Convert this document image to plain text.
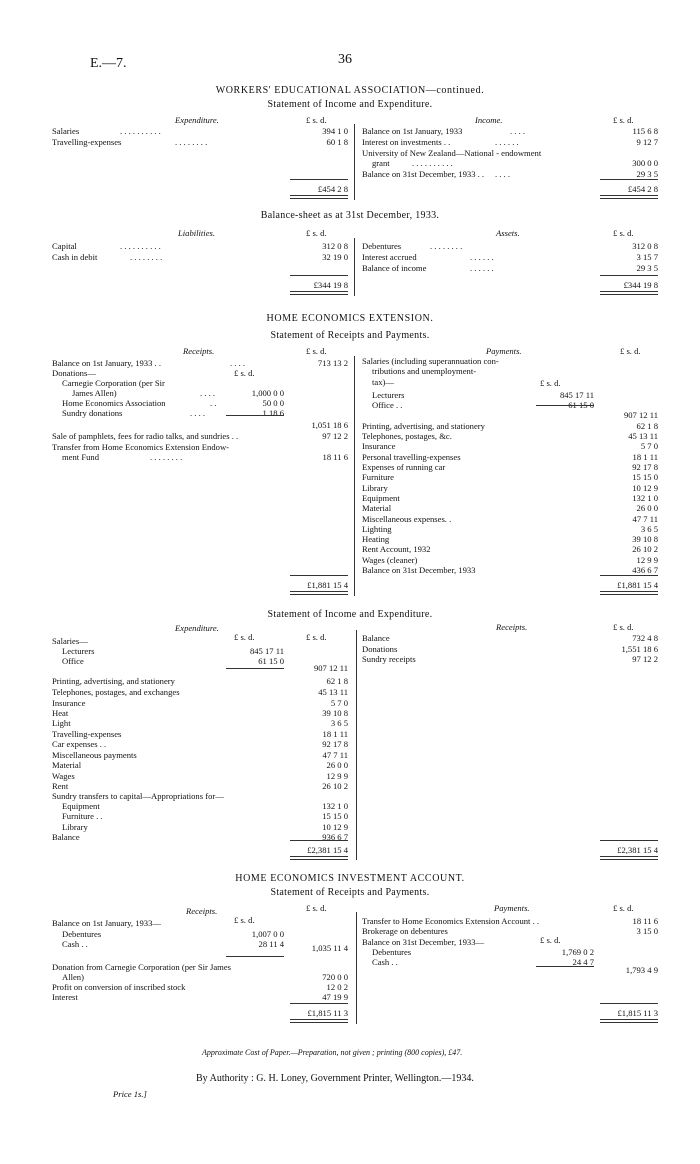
E.—7.	36
WORKERS' EDUCATIONAL ASSOCIATION—continued.
Statement of Income and Expenditure.
Expenditure.	£ s. d.	Income.	£ s. d.
Salaries	. . . . . . . . . .	394 1 0
Travelling-expenses	. . . . . . . .	60 1 8
Balance on 1st January, 1933	. . . .	115 6 8
Interest on investments . .	. . . . . .	9 12 7
University of New Zealand—National - endowment
grant	. . . . . . . . . .	300 0 0
Balance on 31st December, 1933 . . . . . .	29 3 5
£454 2 8	£454 2 8
Balance-sheet as at 31st December, 1933.
Liabilities.	£ s. d.	Assets.	£ s. d.
Capital	. . . . . . . . . .	312 0 8
Cash in debit	. . . . . . . .	32 19 0
Debentures	. . . . . . . .	312 0 8
Interest accrued	. . . . . .	3 15 7
Balance of income	. . . . . .	29 3 5
£344 19 8	£344 19 8
HOME ECONOMICS EXTENSION.
Statement of Receipts and Payments.
Receipts.	£ s. d.
£ s. d.
Payments.	£ s. d.
£ s. d.
Balance on 1st January, 1933 . .	. . . .	713 13 2
Donations—
Carnegie Corporation (per Sir
James Allen)	. . . .	1,000 0 0
Home Economics Association	. .	50 0 0
Sundry donations	. . . .	1 18 6
1,051 18 6
Sale of pamphlets, fees for radio talks, and sundries . .	97 12 2
Transfer from Home Economics Extension Endow-
ment Fund	. . . . . . . .	18 11 6
Salaries (including superannuation con-
tributions and unemployment-
tax)—
Lecturers	845 17 11
Office . .	61 15 0
907 12 11
Printing, advertising, and stationery	62 1 8
Telephones, postages, &c.	45 13 11
Insurance	5 7 0
Personal travelling-expenses	18 1 11
Expenses of running car	92 17 8
Furniture	15 15 0
Library	10 12 9
Equipment	132 1 0
Material	26 0 0
Miscellaneous expenses. .	47 7 11
Lighting	3 6 5
Heating	39 10 8
Rent Account, 1932	26 10 2
Wages (cleaner)	12 9 9
Balance on 31st December, 1933	436 6 7
£1,881 15 4	£1,881 15 4
Statement of Income and Expenditure.
Expenditure.
£ s. d.	£ s. d.
Receipts.	£ s. d.
Salaries—
Lecturers	845 17 11
Office	61 15 0
907 12 11
Printing, advertising, and stationery	62 1 8
Telephones, postages, and exchanges	45 13 11
Insurance	5 7 0
Heat	39 10 8
Light	3 6 5
Travelling-expenses	18 1 11
Car expenses . .	92 17 8
Miscellaneous payments	47 7 11
Material	26 0 0
Wages	12 9 9
Rent	26 10 2
Sundry transfers to capital—Appropriations for—
Equipment	132 1 0
Furniture . .	15 15 0
Library	10 12 9
Balance	936 6 7
Balance	732 4 8
Donations	1,551 18 6
Sundry receipts	97 12 2
£2,381 15 4	£2,381 15 4
HOME ECONOMICS INVESTMENT ACCOUNT.
Statement of Receipts and Payments.
Receipts.	£ s. d.
£ s. d.
Payments.	£ s. d.
£ s. d.
Balance on 1st January, 1933—
Debentures	1,007 0 0
Cash . .	28 11 4	1,035 11 4
Donation from Carnegie Corporation (per Sir James
Allen)	720 0 0
Profit on conversion of inscribed stock	12 0 2
Interest	47 19 9
Transfer to Home Economics Extension Account . .	18 11 6
Brokerage on debentures	3 15 0
Balance on 31st December, 1933—
Debentures	1,769 0 2
Cash . .	24 4 7
1,793 4 9
£1,815 11 3	£1,815 11 3
Approximate Cost of Paper.—Preparation, not given ; printing (800 copies), £47.
By Authority : G. H. Loney, Government Printer, Wellington.—1934.
Price 1s.]
